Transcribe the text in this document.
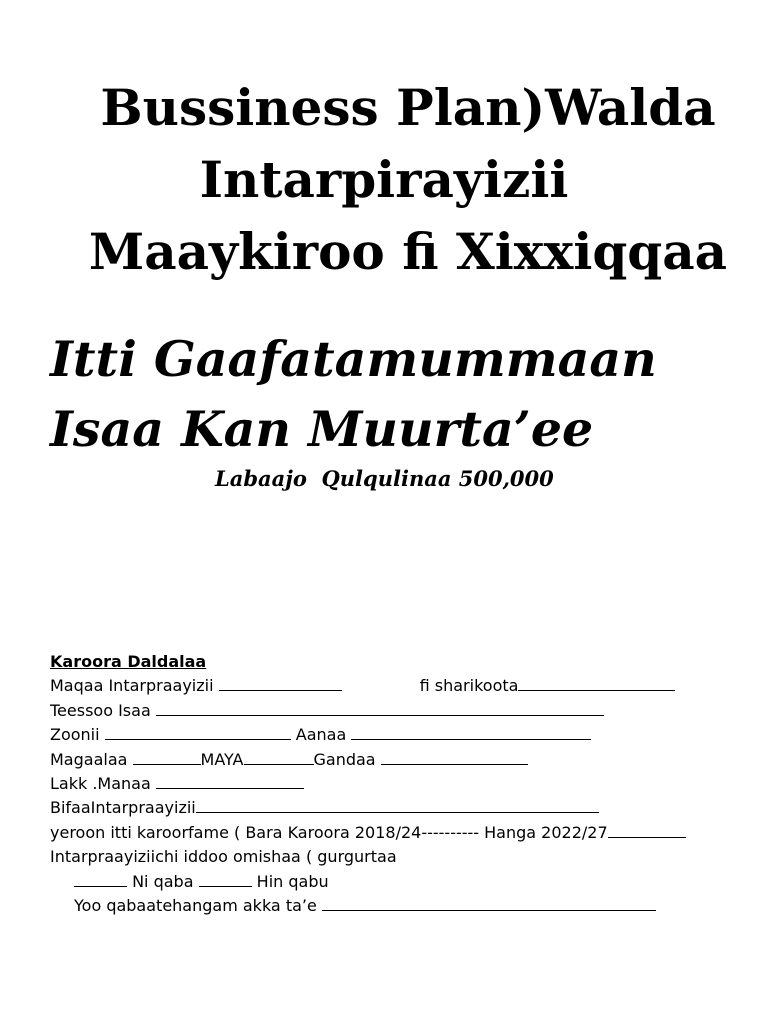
Bussiness Plan)Walda
Intarpirayizii
Maaykiroo fi Xixxiqqaa
Itti Gaafatamummaan
Isaa Kan Muurta’ee
Labaajo  Qulqulinaa 500,000
Karoora Daldalaa
Maqaa Intarpraayizii	fi sharikoota
Teessoo Isaa
Zoonii	Aanaa
Magaalaa	MAYA	Gandaa
Lakk .Manaa
BifaaIntarpraayizii
yeroon itti karoorfame ( Bara Karoora 2018/24---------- Hanga 2022/27
Intarpraayiziichi iddoo omishaa ( gurgurtaa
Ni qaba	Hin qabu
Yoo qabaatehangam akka ta’e
